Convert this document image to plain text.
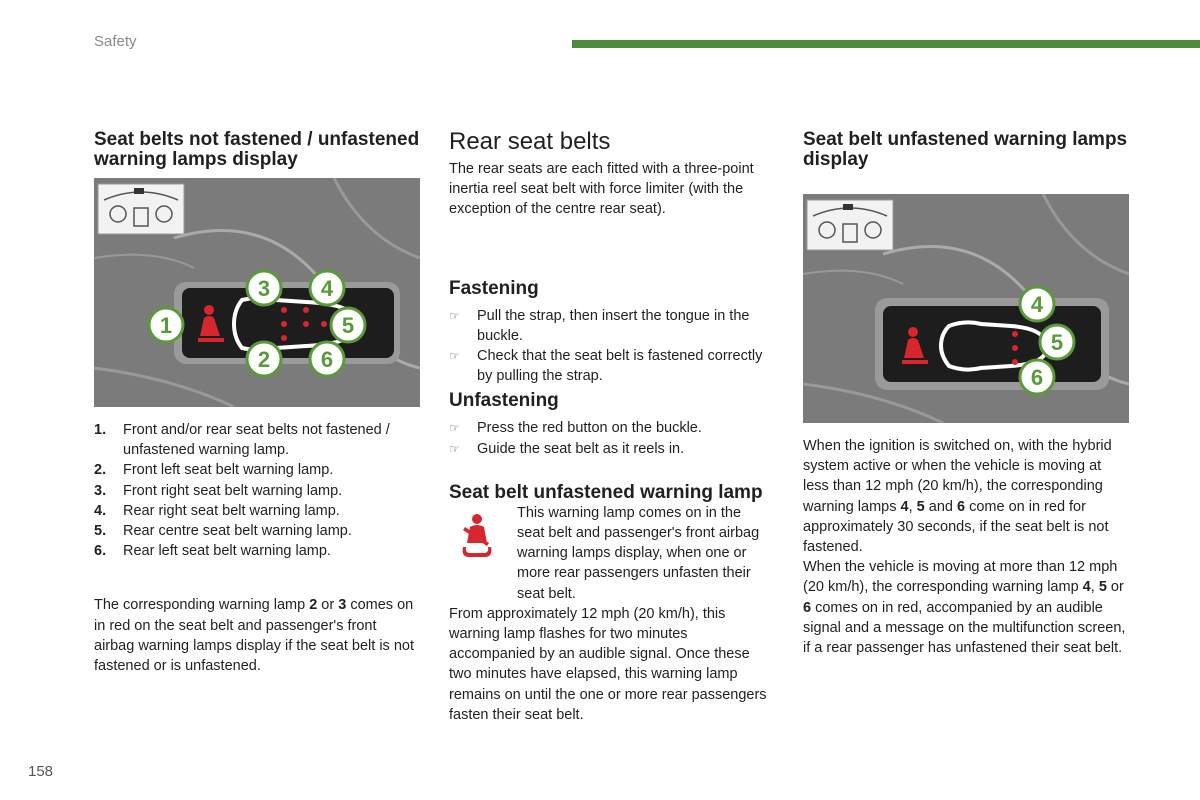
Safety
Seat belts not fastened / unfastened warning lamps display
1
2
3 4
5
6
1. Front and/or rear seat belts not fastened / unfastened warning lamp.
2. Front left seat belt warning lamp.
3. Front right seat belt warning lamp.
4. Rear right seat belt warning lamp.
5. Rear centre seat belt warning lamp.
6. Rear left seat belt warning lamp.

The corresponding warning lamp 2 or 3 comes on in red on the seat belt and passenger's front airbag warning lamps display if the seat belt is not fastened or is unfastened.

Rear seat belts

The rear seats are each fitted with a three-point inertia reel seat belt with force limiter (with the exception of the centre rear seat).

Fastening
☞ Pull the strap, then insert the tongue in the buckle.
☞ Check that the seat belt is fastened correctly by pulling the strap.
Unfastening
☞ Press the red button on the buckle.
☞ Guide the seat belt as it reels in.
Seat belt unfastened warning lamp

This warning lamp comes on in the seat belt and passenger's front airbag warning lamps display, when one or more rear passengers unfasten their seat belt.

From approximately 12 mph (20 km/h), this warning lamp flashes for two minutes accompanied by an audible signal. Once these two minutes have elapsed, this warning lamp remains on until the one or more rear passengers fasten their seat belt.

Seat belt unfastened warning lamps display
4
5
6

When the ignition is switched on, with the hybrid system active or when the vehicle is moving at less than 12 mph (20 km/h), the corresponding warning lamps 4, 5 and 6 come on in red for approximately 30 seconds, if the seat belt is not fastened.

When the vehicle is moving at more than 12 mph (20 km/h), the corresponding warning lamp 4, 5 or 6 comes on in red, accompanied by an audible signal and a message on the multifunction screen, if a rear passenger has unfastened their seat belt.

158
